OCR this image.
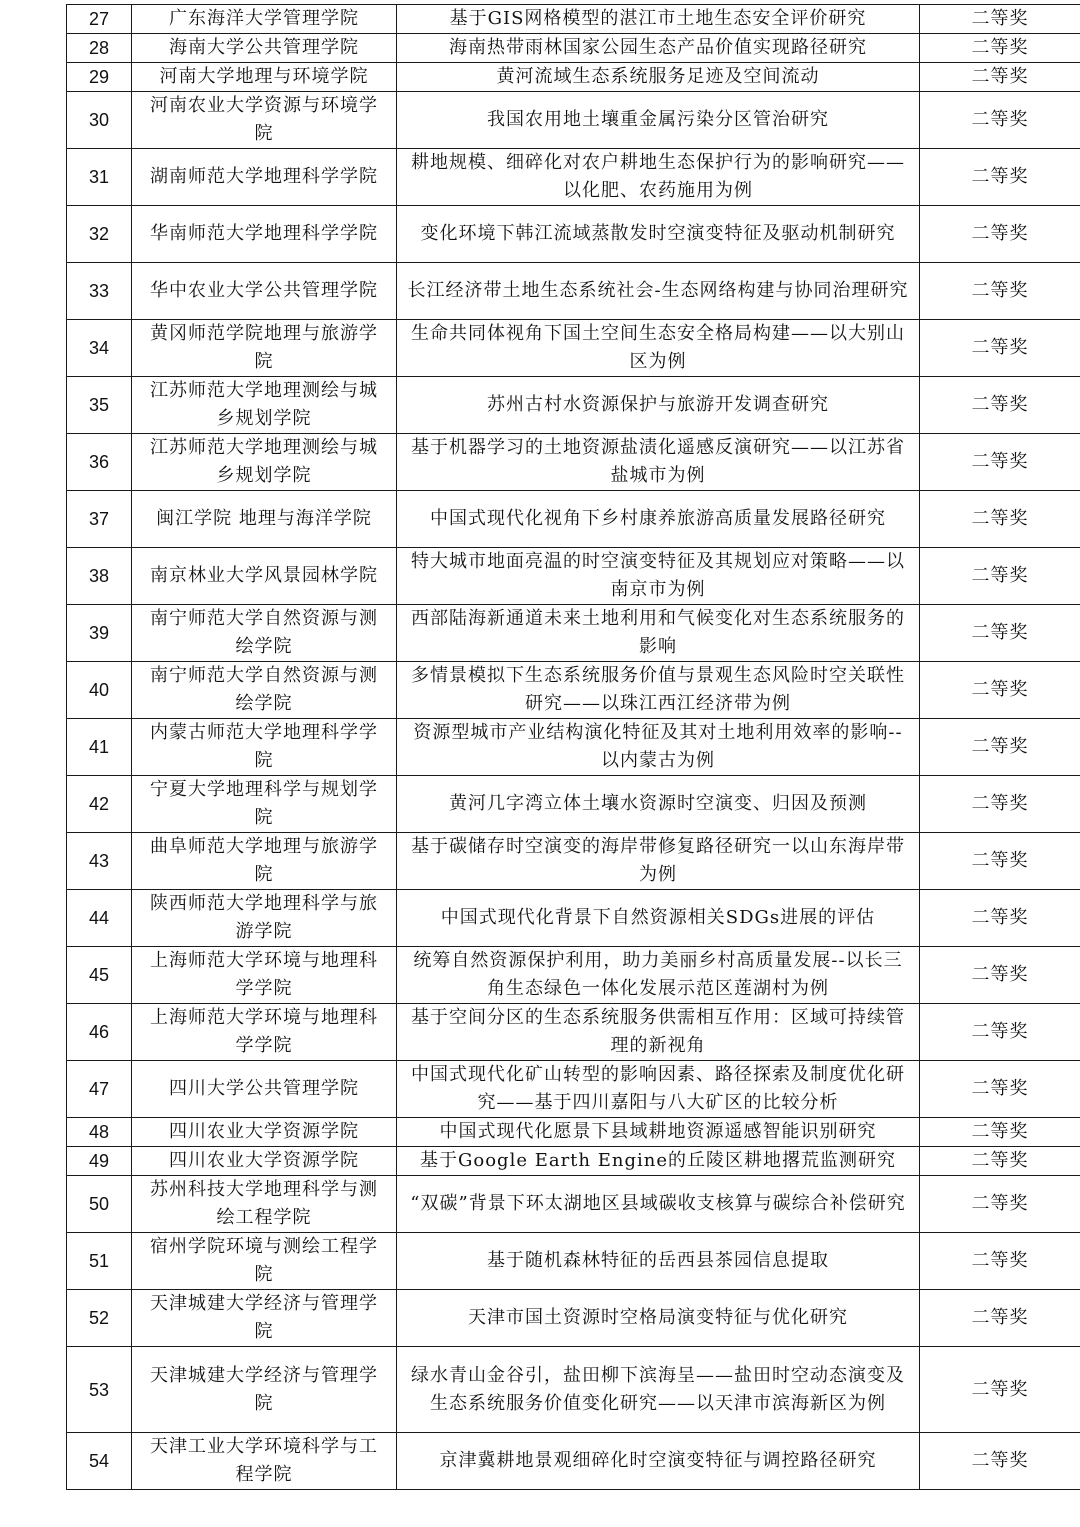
27	广东海洋大学管理学院	基于GIS网格模型的湛江市土地生态安全评价研究	二等奖
28	海南大学公共管理学院	海南热带雨林国家公园生态产品价值实现路径研究	二等奖
29	河南大学地理与环境学院	黄河流域生态系统服务足迹及空间流动	二等奖
30	河南农业大学资源与环境学院	我国农用地土壤重金属污染分区管治研究	二等奖
31	湖南师范大学地理科学学院	耕地规模、细碎化对农户耕地生态保护行为的影响研究——以化肥、农药施用为例	二等奖
32	华南师范大学地理科学学院	变化环境下韩江流域蒸散发时空演变特征及驱动机制研究	二等奖
33	华中农业大学公共管理学院	长江经济带土地生态系统社会-生态网络构建与协同治理研究	二等奖
34	黄冈师范学院地理与旅游学院	生命共同体视角下国土空间生态安全格局构建——以大别山区为例	二等奖
35	江苏师范大学地理测绘与城乡规划学院	苏州古村水资源保护与旅游开发调查研究	二等奖
36	江苏师范大学地理测绘与城乡规划学院	基于机器学习的土地资源盐渍化遥感反演研究——以江苏省盐城市为例	二等奖
37	闽江学院 地理与海洋学院	中国式现代化视角下乡村康养旅游高质量发展路径研究	二等奖
38	南京林业大学风景园林学院	特大城市地面亮温的时空演变特征及其规划应对策略——以南京市为例	二等奖
39	南宁师范大学自然资源与测绘学院	西部陆海新通道未来土地利用和气候变化对生态系统服务的影响	二等奖
40	南宁师范大学自然资源与测绘学院	多情景模拟下生态系统服务价值与景观生态风险时空关联性研究——以珠江西江经济带为例	二等奖
41	内蒙古师范大学地理科学学院	资源型城市产业结构演化特征及其对土地利用效率的影响--以内蒙古为例	二等奖
42	宁夏大学地理科学与规划学院	黄河几字湾立体土壤水资源时空演变、归因及预测	二等奖
43	曲阜师范大学地理与旅游学院	基于碳储存时空演变的海岸带修复路径研究一以山东海岸带为例	二等奖
44	陕西师范大学地理科学与旅游学院	中国式现代化背景下自然资源相关SDGs进展的评估	二等奖
45	上海师范大学环境与地理科学学院	统筹自然资源保护利用，助力美丽乡村高质量发展--以长三角生态绿色一体化发展示范区莲湖村为例	二等奖
46	上海师范大学环境与地理科学学院	基于空间分区的生态系统服务供需相互作用：区域可持续管理的新视角	二等奖
47	四川大学公共管理学院	中国式现代化矿山转型的影响因素、路径探索及制度优化研究——基于四川嘉阳与八大矿区的比较分析	二等奖
48	四川农业大学资源学院	中国式现代化愿景下县域耕地资源遥感智能识别研究	二等奖
49	四川农业大学资源学院	基于Google Earth Engine的丘陵区耕地撂荒监测研究	二等奖
50	苏州科技大学地理科学与测绘工程学院	“双碳”背景下环太湖地区县域碳收支核算与碳综合补偿研究	二等奖
51	宿州学院环境与测绘工程学院	基于随机森林特征的岳西县茶园信息提取	二等奖
52	天津城建大学经济与管理学院	天津市国土资源时空格局演变特征与优化研究	二等奖
53	天津城建大学经济与管理学院	绿水青山金谷引，盐田柳下滨海呈——盐田时空动态演变及生态系统服务价值变化研究——以天津市滨海新区为例	二等奖
54	天津工业大学环境科学与工程学院	京津冀耕地景观细碎化时空演变特征与调控路径研究	二等奖
